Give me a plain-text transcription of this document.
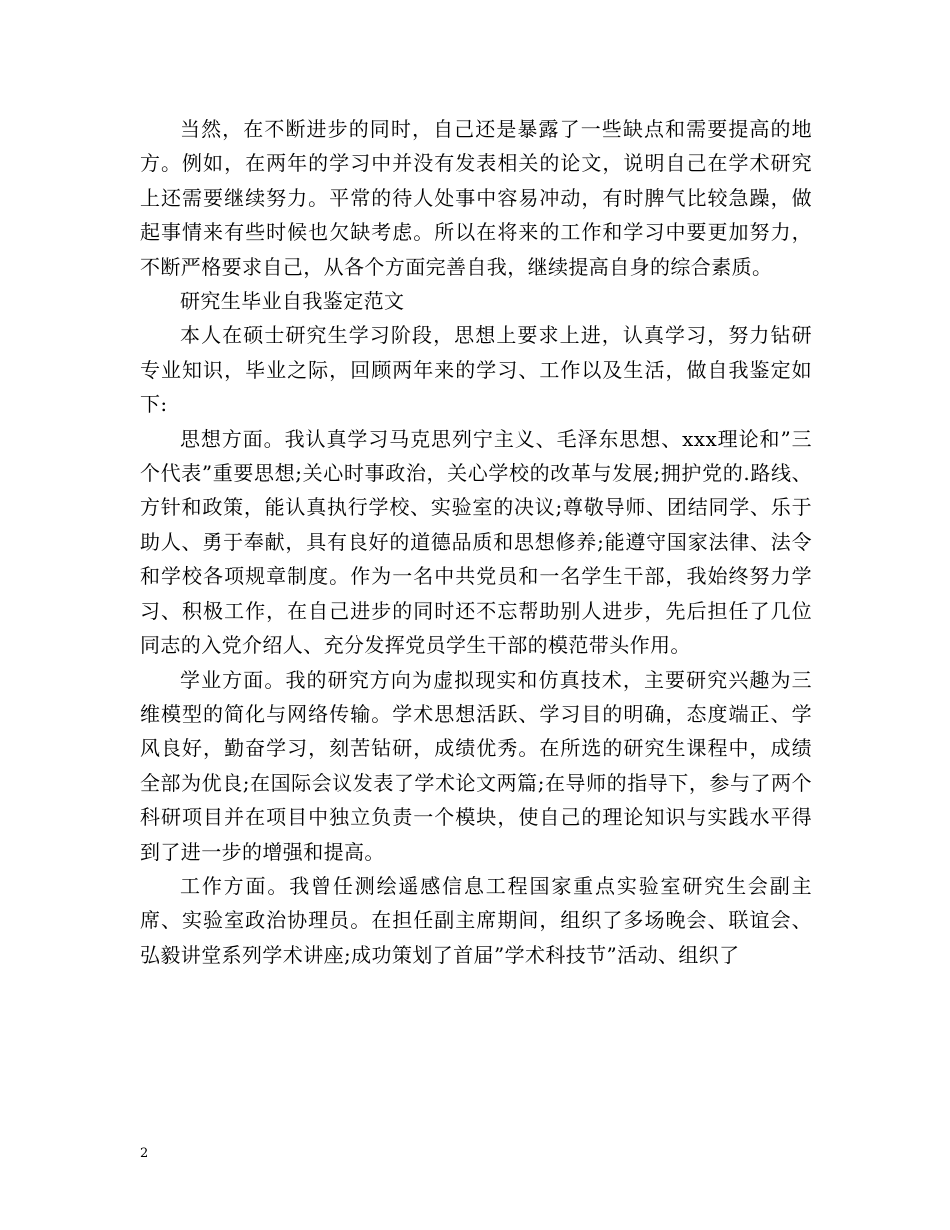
当然，在不断进步的同时，自己还是暴露了一些缺点和需要提高的地方。例如，在两年的学习中并没有发表相关的论文，说明自己在学术研究上还需要继续努力。平常的待人处事中容易冲动，有时脾气比较急躁，做起事情来有些时候也欠缺考虑。所以在将来的工作和学习中要更加努力，不断严格要求自己，从各个方面完善自我，继续提高自身的综合素质。

研究生毕业自我鉴定范文

本人在硕士研究生学习阶段，思想上要求上进，认真学习，努力钻研专业知识，毕业之际，回顾两年来的学习、工作以及生活，做自我鉴定如下:

思想方面。我认真学习马克思列宁主义、毛泽东思想、xxx理论和”三个代表”重要思想;关心时事政治，关心学校的改革与发展;拥护党的.路线、方针和政策，能认真执行学校、实验室的决议;尊敬导师、团结同学、乐于助人、勇于奉献，具有良好的道德品质和思想修养;能遵守国家法律、法令和学校各项规章制度。作为一名中共党员和一名学生干部，我始终努力学习、积极工作，在自己进步的同时还不忘帮助别人进步，先后担任了几位同志的入党介绍人、充分发挥党员学生干部的模范带头作用。

学业方面。我的研究方向为虚拟现实和仿真技术，主要研究兴趣为三维模型的简化与网络传输。学术思想活跃、学习目的明确，态度端正、学风良好，勤奋学习，刻苦钻研，成绩优秀。在所选的研究生课程中，成绩全部为优良;在国际会议发表了学术论文两篇;在导师的指导下，参与了两个科研项目并在项目中独立负责一个模块，使自己的理论知识与实践水平得到了进一步的增强和提高。

工作方面。我曾任测绘遥感信息工程国家重点实验室研究生会副主席、实验室政治协理员。在担任副主席期间，组织了多场晚会、联谊会、弘毅讲堂系列学术讲座;成功策划了首届”学术科技节”活动、组织了

2
